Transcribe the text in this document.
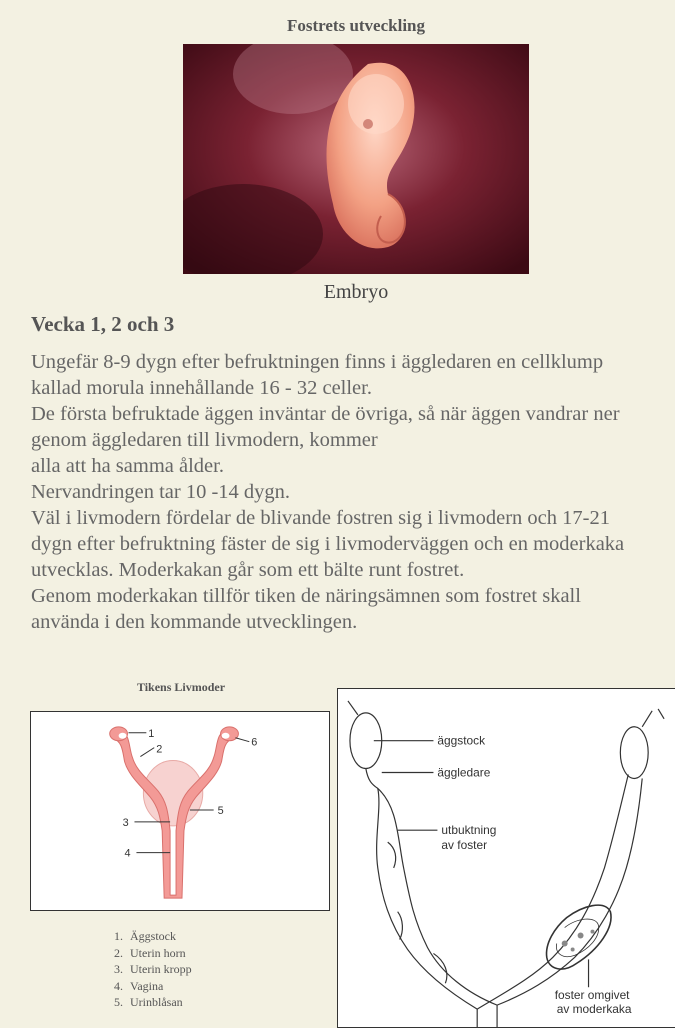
Fostrets utveckling
Embryo
Vecka 1, 2 och 3
Ungefär 8-9 dygn efter befruktningen finns i äggledaren en cellklump
kallad morula innehållande 16 - 32 celler.
De första befruktade äggen inväntar de övriga, så när äggen vandrar ner
genom äggledaren till livmodern, kommer
alla att ha samma ålder.
Nervandringen tar 10 -14 dygn.
Väl i livmodern fördelar de blivande fostren sig i livmodern och 17-21
dygn efter befruktning fäster de sig i livmoderväggen och en moderkaka
utvecklas. Moderkakan går som ett bälte runt fostret.
Genom moderkakan tillför tiken de näringsämnen som fostret skall
använda i den kommande utvecklingen.
Tikens Livmoder
1
2
3
4
5
6
1. Äggstock
2. Uterin horn
3. Uterin kropp
4. Vagina
5. Urinblåsan
äggstock
äggledare
utbuktning
av foster
foster omgivet
av moderkaka
